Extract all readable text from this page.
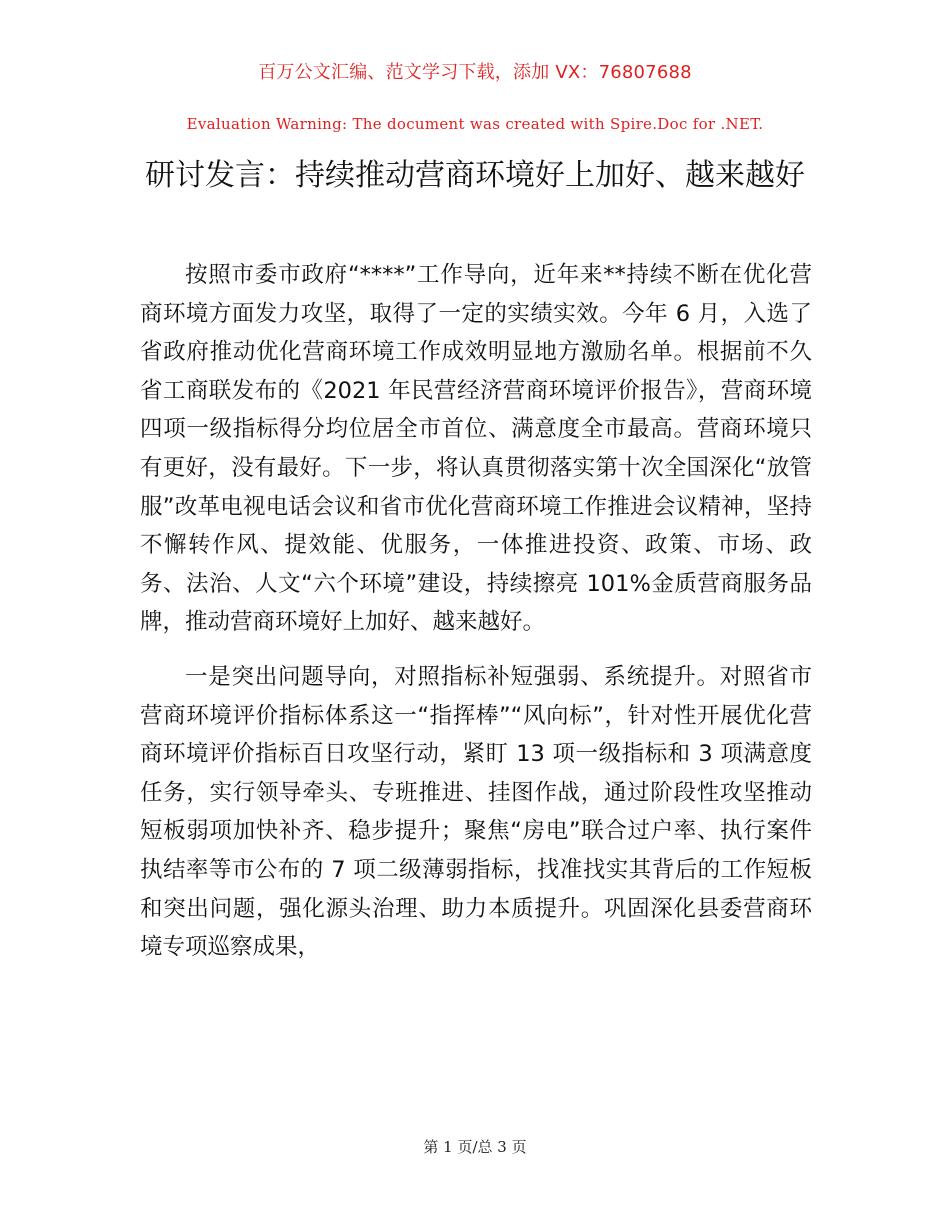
百万公文汇编、范文学习下载，添加 VX：76807688
Evaluation Warning: The document was created with Spire.Doc for .NET.
研讨发言：持续推动营商环境好上加好、越来越好

按照市委市政府“****”工作导向，近年来**持续不断在优化营商环境方面发力攻坚，取得了一定的实绩实效。今年 6 月，入选了省政府推动优化营商环境工作成效明显地方激励名单。根据前不久省工商联发布的《2021 年民营经济营商环境评价报告》，营商环境四项一级指标得分均位居全市首位、满意度全市最高。营商环境只有更好，没有最好。下一步，将认真贯彻落实第十次全国深化“放管服”改革电视电话会议和省市优化营商环境工作推进会议精神，坚持不懈转作风、提效能、优服务，一体推进投资、政策、市场、政务、法治、人文“六个环境”建设，持续擦亮 101%金质营商服务品牌，推动营商环境好上加好、越来越好。

一是突出问题导向，对照指标补短强弱、系统提升。对照省市营商环境评价指标体系这一“指挥棒”“风向标”，针对性开展优化营商环境评价指标百日攻坚行动，紧盯 13 项一级指标和 3 项满意度任务，实行领导牵头、专班推进、挂图作战，通过阶段性攻坚推动短板弱项加快补齐、稳步提升；聚焦“房电”联合过户率、执行案件执结率等市公布的 7 项二级薄弱指标，找准找实其背后的工作短板和突出问题，强化源头治理、助力本质提升。巩固深化县委营商环境专项巡察成果，

第 1 页/总 3 页
